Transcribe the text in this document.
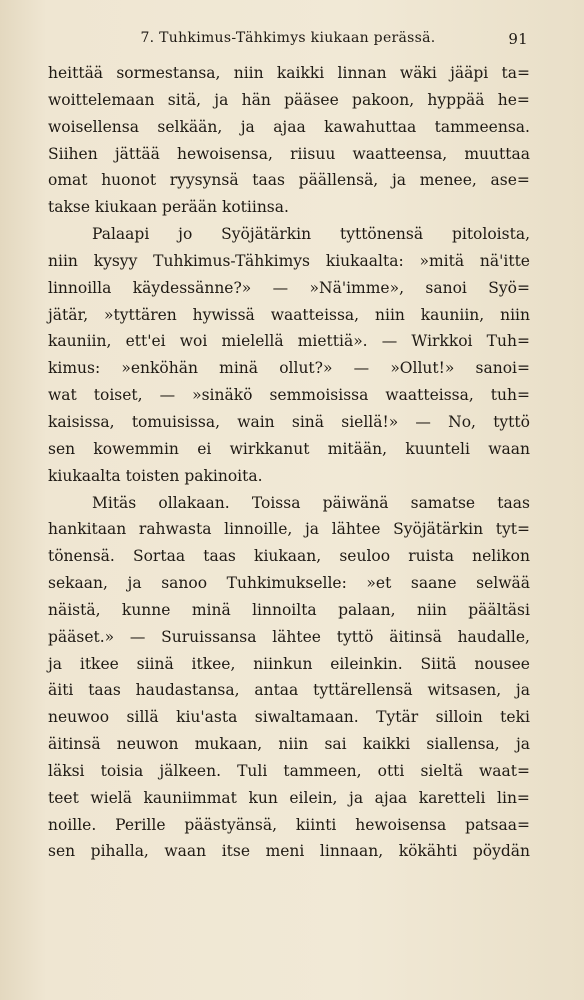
7. Tuhkimus-Tähkimys kiukaan perässä.	91
heittää sormestansa, niin kaikki linnan wäki jääpi ta=
woittelemaan sitä, ja hän pääsee pakoon, hyppää he=
woisellensa selkään, ja ajaa kawahuttaa tammeensa.
Siihen jättää hewoisensa, riisuu waatteensa, muuttaa
omat huonot ryysynsä taas päällensä, ja menee, ase=
takse kiukaan perään kotiinsa.
Palaapi jo Syöjätärkin tyttönensä pitoloista,
niin kysyy Tuhkimus-Tähkimys kiukaalta: »mitä nä'itte
linnoilla käydessänne?» — »Nä'imme», sanoi Syö=
jätär, »tyttären hywissä waatteissa, niin kauniin, niin
kauniin, ett'ei woi mielellä miettiä». — Wirkkoi Tuh=
kimus: »enköhän minä ollut?» — »Ollut!» sanoi=
wat toiset, — »sinäkö semmoisissa waatteissa, tuh=
kaisissa, tomuisissa, wain sinä siellä!» — No, tyttö
sen kowemmin ei wirkkanut mitään, kuunteli waan
kiukaalta toisten pakinoita.
Mitäs ollakaan. Toissa päiwänä samatse taas
hankitaan rahwasta linnoille, ja lähtee Syöjätärkin tyt=
tönensä. Sortaa taas kiukaan, seuloo ruista nelikon
sekaan, ja sanoo Tuhkimukselle: »et saane selwää
näistä, kunne minä linnoilta palaan, niin päältäsi
pääset.» — Suruissansa lähtee tyttö äitinsä haudalle,
ja itkee siinä itkee, niinkun eileinkin. Siitä nousee
äiti taas haudastansa, antaa tyttärellensä witsasen, ja
neuwoo sillä kiu'asta siwaltamaan. Tytär silloin teki
äitinsä neuwon mukaan, niin sai kaikki siallensa, ja
läksi toisia jälkeen. Tuli tammeen, otti sieltä waat=
teet wielä kauniimmat kun eilein, ja ajaa karetteli lin=
noille. Perille päästyänsä, kiinti hewoisensa patsaa=
sen pihalla, waan itse meni linnaan, kökähti pöydän
